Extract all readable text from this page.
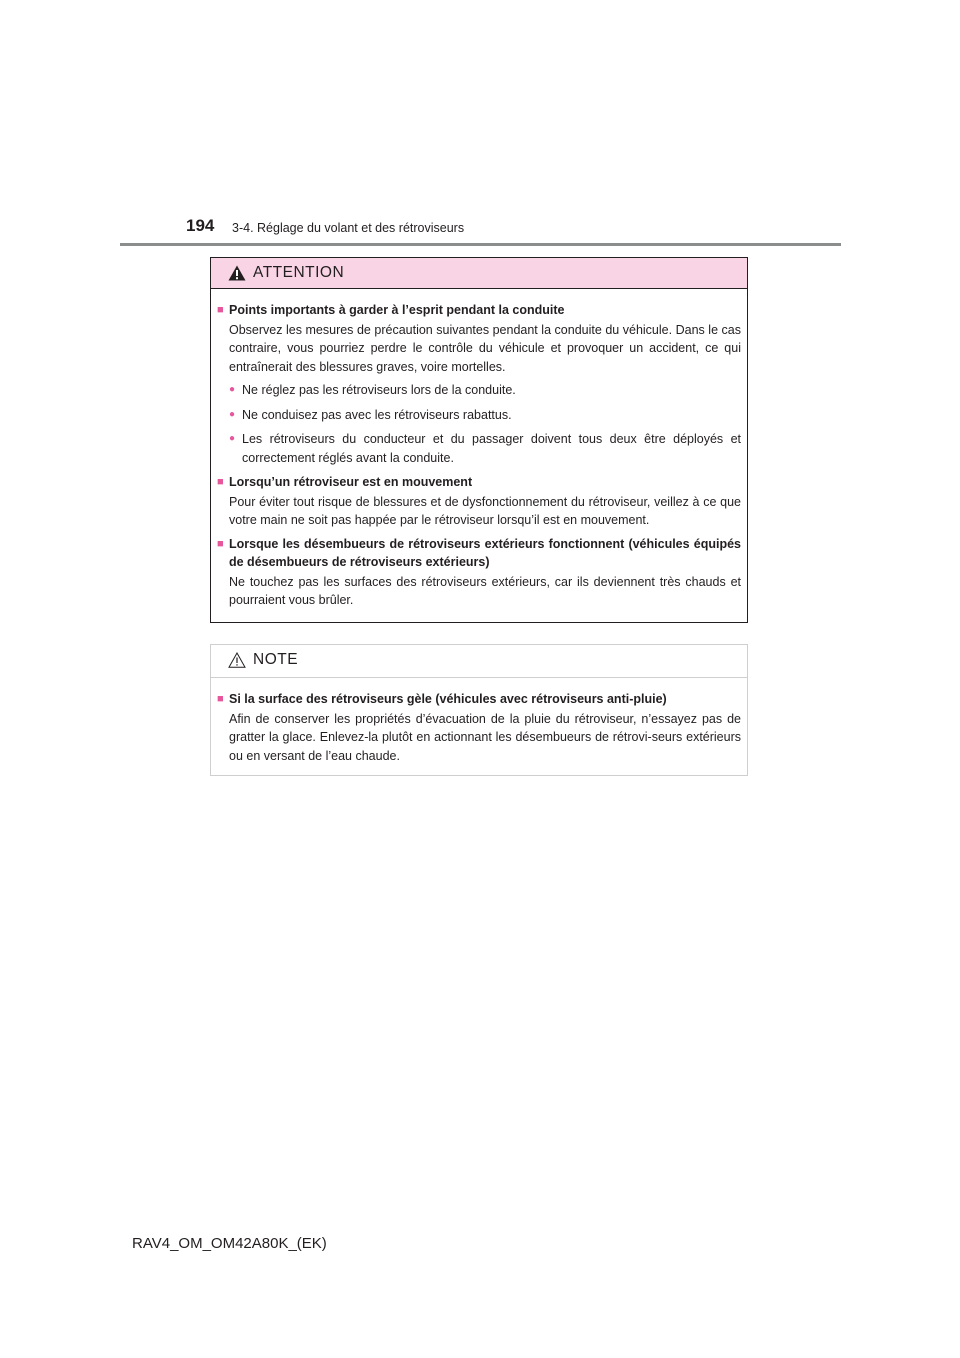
194 3-4. Réglage du volant et des rétroviseurs
ATTENTION
■ Points importants à garder à l’esprit pendant la conduite
Observez les mesures de précaution suivantes pendant la conduite du véhicule. Dans le cas contraire, vous pourriez perdre le contrôle du véhicule et provoquer un accident, ce qui entraînerait des blessures graves, voire mortelles.
● Ne réglez pas les rétroviseurs lors de la conduite.
● Ne conduisez pas avec les rétroviseurs rabattus.
● Les rétroviseurs du conducteur et du passager doivent tous deux être déployés et correctement réglés avant la conduite.
■ Lorsqu’un rétroviseur est en mouvement
Pour éviter tout risque de blessures et de dysfonctionnement du rétroviseur, veillez à ce que votre main ne soit pas happée par le rétroviseur lorsqu’il est en mouvement.
■ Lorsque les désembueurs de rétroviseurs extérieurs fonctionnent (véhicules équipés de désembueurs de rétroviseurs extérieurs)
Ne touchez pas les surfaces des rétroviseurs extérieurs, car ils deviennent très chauds et pourraient vous brûler.
NOTE
■ Si la surface des rétroviseurs gèle (véhicules avec rétroviseurs anti-pluie)
Afin de conserver les propriétés d’évacuation de la pluie du rétroviseur, n’essayez pas de gratter la glace. Enlevez-la plutôt en actionnant les désembueurs de rétrovi-seurs extérieurs ou en versant de l’eau chaude.
RAV4_OM_OM42A80K_(EK)
